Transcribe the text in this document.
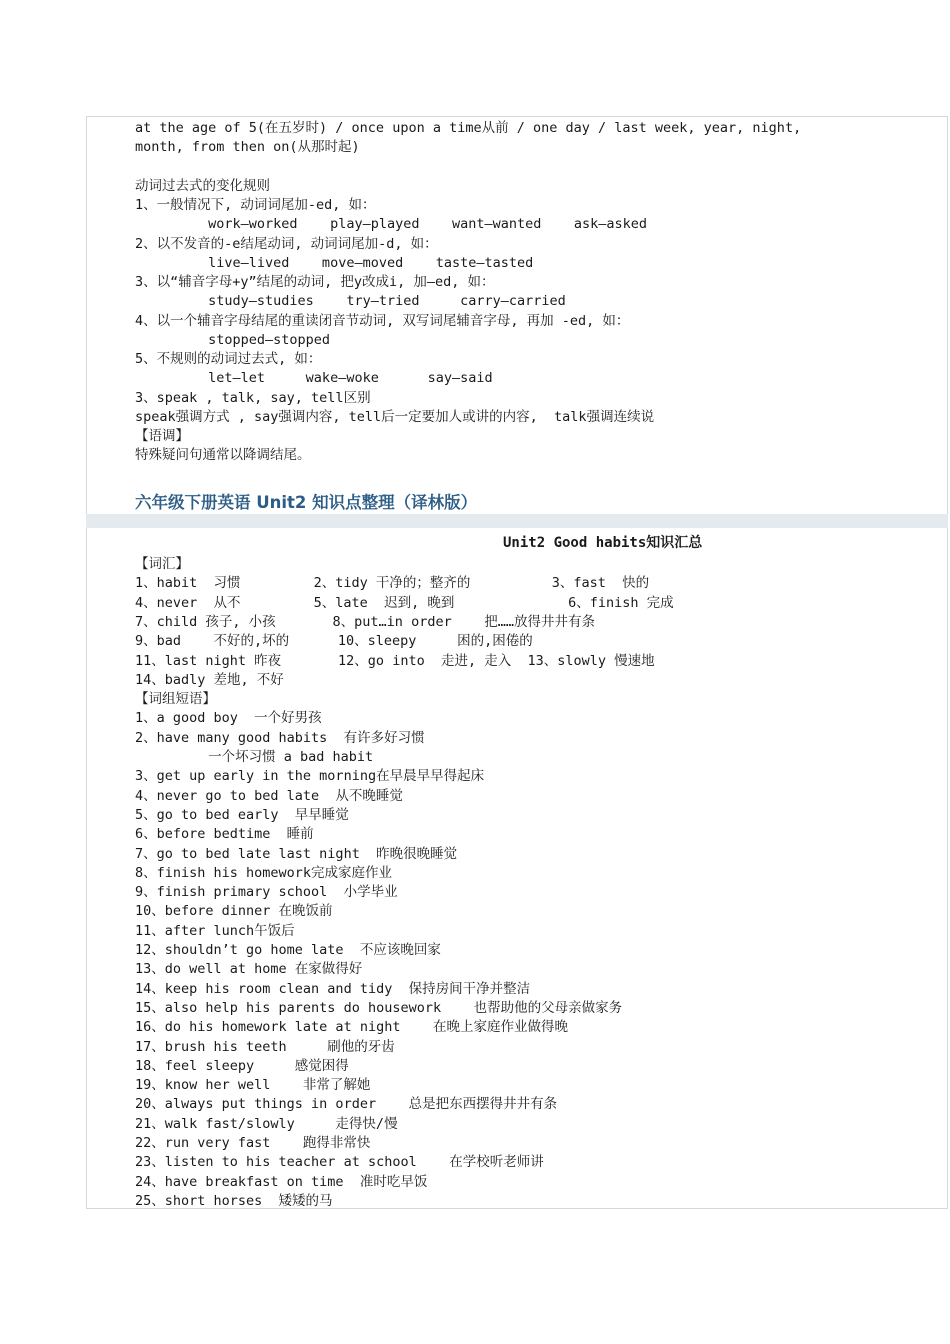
at the age of 5(在五岁时) / once upon a time从前 / one day / last week, year, night,
month, from then on(从那时起)
动词过去式的变化规则
1、一般情况下, 动词词尾加-ed, 如：
work—worked    play—played    want—wanted    ask—asked
2、以不发音的-e结尾动词, 动词词尾加-d, 如：
live—lived    move—moved    taste—tasted
3、以“辅音字母+y”结尾的动词, 把y改成i, 加—ed, 如：
study—studies    try—tried     carry—carried
4、以一个辅音字母结尾的重读闭音节动词, 双写词尾辅音字母, 再加 -ed, 如：
stopped—stopped
5、不规则的动词过去式, 如：
let—let     wake—woke      say—said
3、speak , talk, say, tell区别
speak强调方式 , say强调内容, tell后一定要加人或讲的内容,  talk强调连续说
【语调】
特殊疑问句通常以降调结尾。
六年级下册英语 Unit2 知识点整理（译林版）
Unit2 Good habits知识汇总
【词汇】
1、habit  习惯         2、tidy 干净的；整齐的          3、fast  快的
4、never  从不         5、late  迟到, 晚到              6、finish 完成
7、child 孩子, 小孩       8、put…in order    把……放得井井有条
9、bad    不好的,坏的      10、sleepy     困的,困倦的
11、last night 昨夜       12、go into  走进, 走入  13、slowly 慢速地
14、badly 差地, 不好
【词组短语】
1、a good boy  一个好男孩
2、have many good habits  有许多好习惯
一个坏习惯 a bad habit
3、get up early in the morning在早晨早早得起床
4、never go to bed late  从不晚睡觉
5、go to bed early  早早睡觉
6、before bedtime  睡前
7、go to bed late last night  昨晚很晚睡觉
8、finish his homework完成家庭作业
9、finish primary school  小学毕业
10、before dinner 在晚饭前
11、after lunch午饭后
12、shouldn’t go home late  不应该晚回家
13、do well at home 在家做得好
14、keep his room clean and tidy  保持房间干净并整洁
15、also help his parents do housework    也帮助他的父母亲做家务
16、do his homework late at night    在晚上家庭作业做得晚
17、brush his teeth     刷他的牙齿
18、feel sleepy     感觉困得
19、know her well    非常了解她
20、always put things in order    总是把东西摆得井井有条
21、walk fast/slowly     走得快/慢
22、run very fast    跑得非常快
23、listen to his teacher at school    在学校听老师讲
24、have breakfast on time  准时吃早饭
25、short horses  矮矮的马
